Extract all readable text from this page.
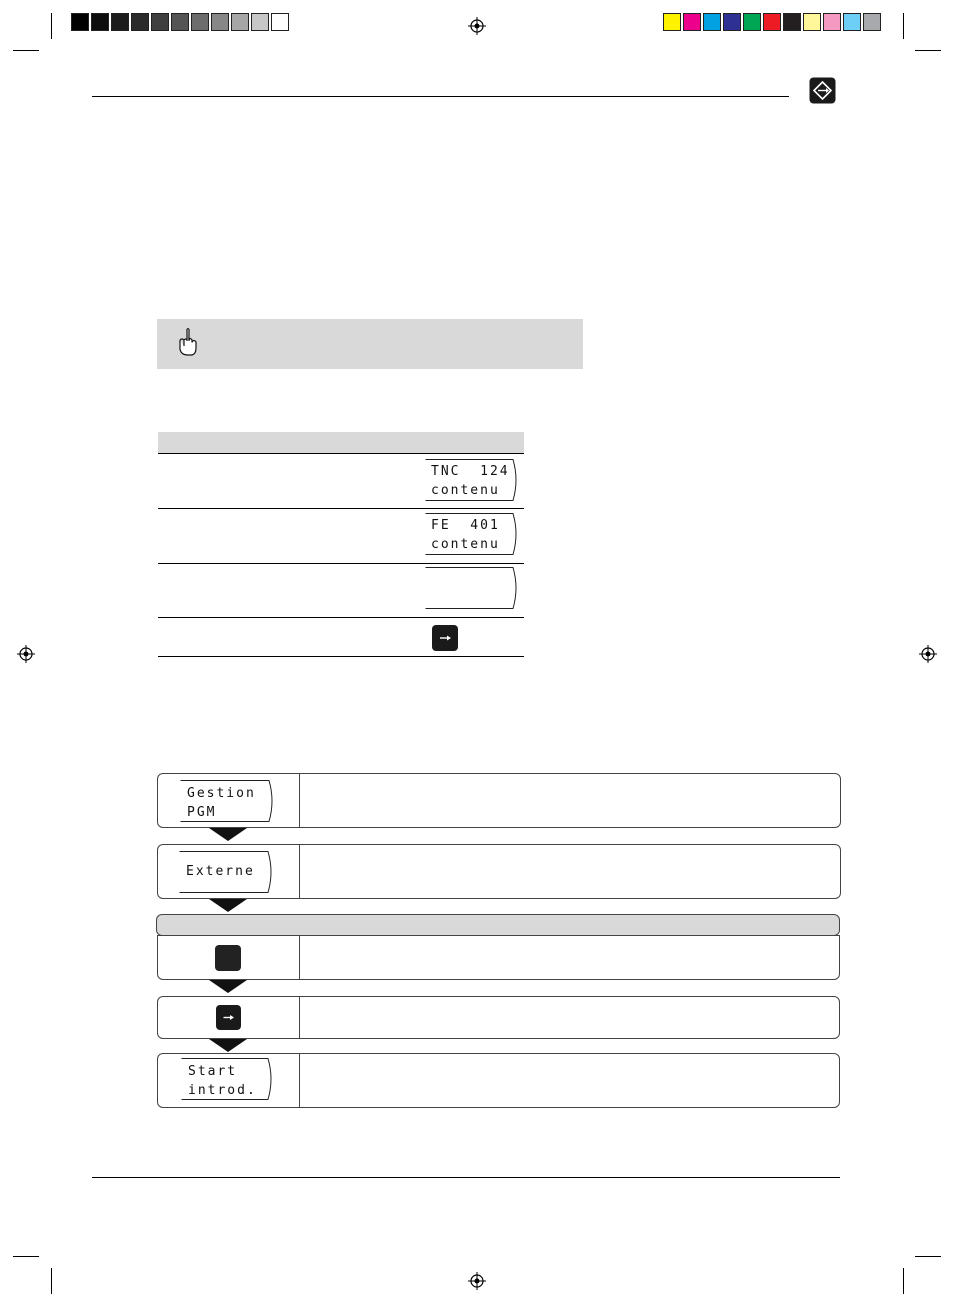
TNC  124
contenu
FE  401
contenu
Gestion
PGM
Externe
Start
introd.
